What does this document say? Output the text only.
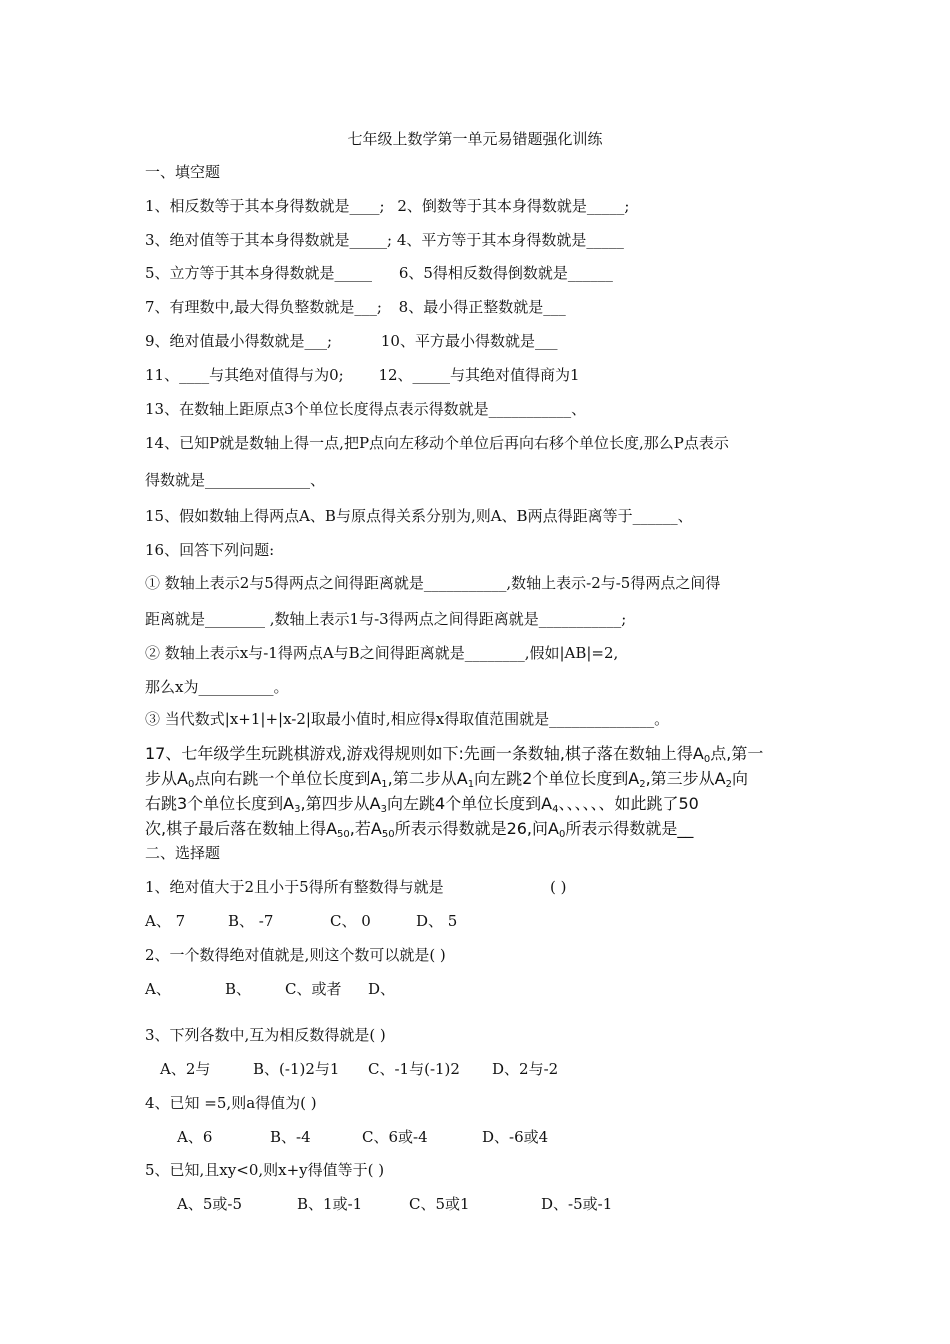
七年级上数学第一单元易错题强化训练
一、填空题
1、相反数等于其本身得数就是____; 2、倒数等于其本身得数就是_____;
3、绝对值等于其本身得数就是_____; 4、平方等于其本身得数就是_____
5、立方等于其本身得数就是_____ 6、5得相反数得倒数就是______
7、有理数中,最大得负整数就是___; 8、最小得正整数就是___
9、绝对值最小得数就是___;	10、平方最小得数就是___
11、____与其绝对值得与为0; 12、_____与其绝对值得商为1
13、在数轴上距原点3个单位长度得点表示得数就是___________、
14、已知P就是数轴上得一点,把P点向左移动个单位后再向右移个单位长度,那么P点表示
得数就是______________、
15、假如数轴上得两点A、B与原点得关系分别为,则A、B两点得距离等于______、
16、回答下列问题:
① 数轴上表示2与5得两点之间得距离就是___________,数轴上表示-2与-5得两点之间得
距离就是________ ,数轴上表示1与-3得两点之间得距离就是___________;
② 数轴上表示x与-1得两点A与B之间得距离就是________,假如|AB|=2,
那么x为__________。
③ 当代数式|x+1|+|x-2|取最小值时,相应得x得取值范围就是______________。
17、七年级学生玩跳棋游戏,游戏得规则如下:先画一条数轴,棋子落在数轴上得$A_0$点,第一
步从$A_0$点向右跳一个单位长度到$A_1$,第二步从$A_1$向左跳2个单位长度到$A_2$,第三步从$A_2$向
右跳3个单位长度到$A_3$,第四步从$A_3$向左跳4个单位长度到$A_4$、、、、、、如此跳了50
次,棋子最后落在数轴上得$A_{50}$,若$A_{50}$所表示得数就是26,问$A_0$所表示得数就是__
二、选择题
1、绝对值大于2且小于5得所有整数得与就是	( )
A、 7	B、 -7	C、 0	D、 5
2、一个数得绝对值就是,则这个数可以就是( )
A、	B、 C、或者 D、
3、下列各数中,互为相反数得就是( )
A、2与	B、(-1)2与1 C、-1与(-1)2 D、2与-2
4、已知 =5,则a得值为( )
A、6	B、-4	C、6或-4	D、-6或4
5、已知,且xy<0,则x+y得值等于( )
A、5或-5	B、1或-1	C、5或1	D、-5或-1
